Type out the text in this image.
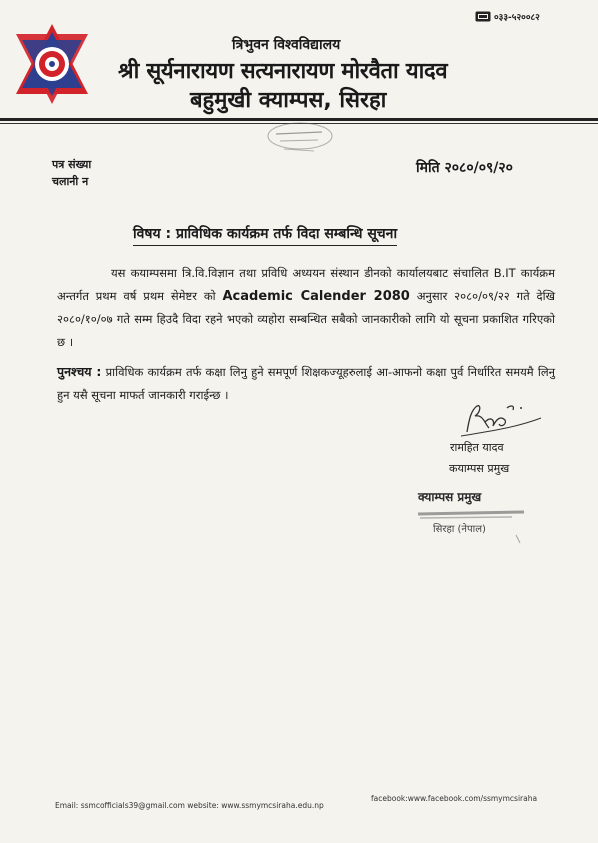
०३३-५२००८२
त्रिभुवन विश्वविद्यालय
श्री सूर्यनारायण सत्यनारायण मोरवैता यादव
बहुमुखी क्याम्पस, सिरहा
पत्र संख्या
चलानी न
मिति २०८०/०९/२०
विषय : प्राविधिक कार्यक्रम तर्फ विदा सम्बन्धि सूचना

यस कयाम्पसमा त्रि.वि.विज्ञान तथा प्रविधि अध्ययन संस्थान डीनको कार्यालयबाट संचालित B.IT कार्यक्रम अन्तर्गत प्रथम वर्ष प्रथम सेमेष्टर को Academic Calender 2080 अनुसार २०८०/०९/२२ गते देखि २०८०/१०/०७ गते सम्म हिउदै विदा रहने भएको व्यहोरा सम्बन्धित सबैको जानकारीको लागि यो सूचना प्रकाशित गरिएको छ ।

पुनश्चय : प्राविधिक कार्यक्रम तर्फ कक्षा लिनु हुने समपूर्ण शिक्षकज्यूहरुलाई आ-आफनो कक्षा पुर्व निर्धारित समयमै लिनु हुन यसै सूचना माफर्त जानकारी गराईन्छ ।

रामहित यादव
कयाम्पस प्रमुख
क्याम्पस प्रमुख
सिरहा (नेपाल)
Email: ssmcofficials39@gmail.com website: www.ssmymcsiraha.edu.np
facebook:www.facebook.com/ssmymcsiraha
